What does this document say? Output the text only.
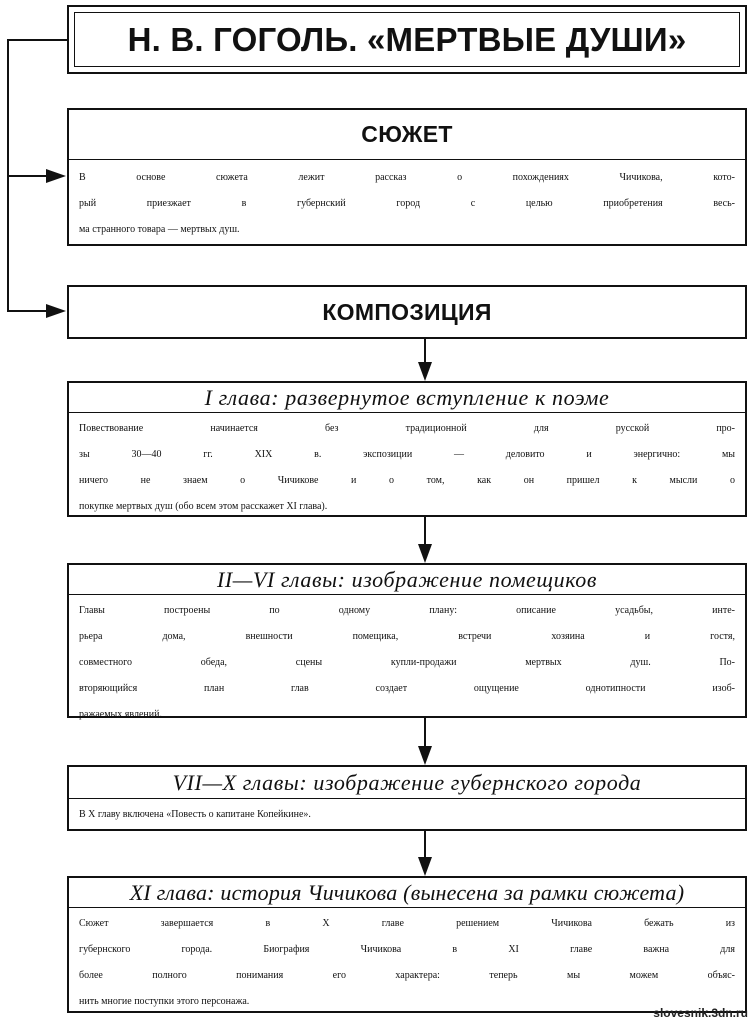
Н. В. ГОГОЛЬ. «МЕРТВЫЕ ДУШИ»
СЮЖЕТ
В основе сюжета лежит рассказ о похождениях Чичикова, кото-
рый приезжает в губернский город с целью приобретения весь-
ма странного товара — мертвых душ.
КОМПОЗИЦИЯ
I глава: развернутое вступление к поэме
Повествование начинается без традиционной для русской про-
зы 30—40 гг. XIX в. экспозиции — деловито и энергично: мы
ничего не знаем о Чичикове и о том, как он пришел к мысли о
покупке мертвых душ (обо всем этом расскажет XI глава).
II—VI главы: изображение помещиков
Главы построены по одному плану: описание усадьбы, инте-
рьера дома, внешности помещика, встречи хозяина и гостя,
совместного обеда, сцены купли-продажи мертвых душ. По-
вторяющийся план глав создает ощущение однотипности изоб-
ражаемых явлений.
VII—X главы: изображение губернского города
В X главу включена «Повесть о капитане Копейкине».
XI глава: история Чичикова (вынесена за рамки сюжета)
Сюжет завершается в X главе решением Чичикова бежать из
губернского города. Биография Чичикова в XI главе важна для
более полного понимания его характера: теперь мы можем объяс-
нить многие поступки этого персонажа.
slovesnik.3dn.ru
